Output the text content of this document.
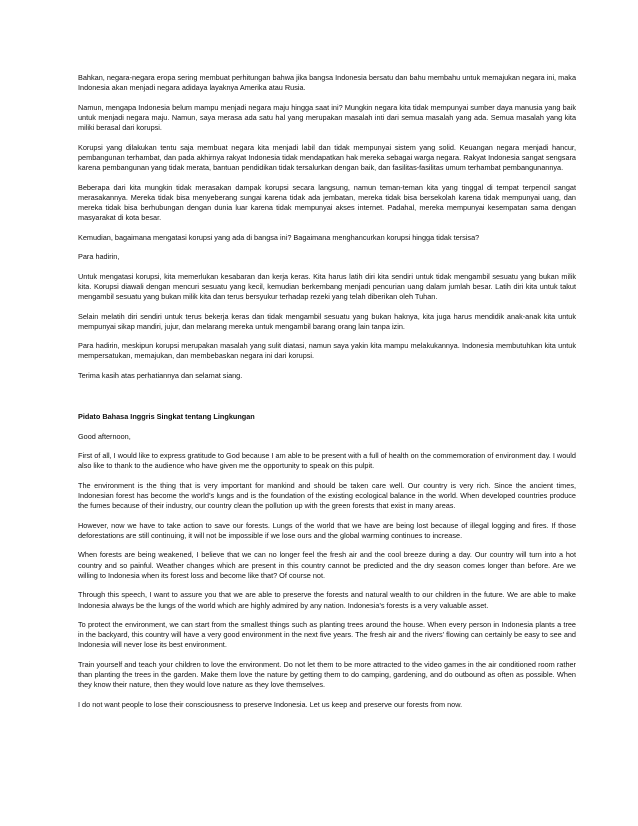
Bahkan, negara-negara eropa sering membuat perhitungan bahwa jika bangsa Indonesia bersatu dan bahu membahu untuk memajukan negara ini, maka Indonesia akan menjadi negara adidaya layaknya Amerika atau Rusia.

Namun, mengapa Indonesia belum mampu menjadi negara maju hingga saat ini? Mungkin negara kita tidak mempunyai sumber daya manusia yang baik untuk menjadi negara maju. Namun, saya merasa ada satu hal yang merupakan masalah inti dari semua masalah yang ada. Semua masalah yang kita miliki berasal dari korupsi.

Korupsi yang dilakukan tentu saja membuat negara kita menjadi labil dan tidak mempunyai sistem yang solid. Keuangan negara menjadi hancur, pembangunan terhambat, dan pada akhirnya rakyat Indonesia tidak mendapatkan hak mereka sebagai warga negara. Rakyat Indonesia sangat sengsara karena pembangunan yang tidak merata, bantuan pendidikan tidak tersalurkan dengan baik, dan fasilitas-fasilitas umum terhambat pembangunannya.

Beberapa dari kita mungkin tidak merasakan dampak korupsi secara langsung, namun teman-teman kita yang tinggal di tempat terpencil sangat merasakannya. Mereka tidak bisa menyeberang sungai karena tidak ada jembatan, mereka tidak bisa bersekolah karena tidak mempunyai uang, dan mereka tidak bisa berhubungan dengan dunia luar karena tidak mempunyai akses internet. Padahal, mereka mempunyai kesempatan sama dengan masyarakat di kota besar.

Kemudian, bagaimana mengatasi korupsi yang ada di bangsa ini? Bagaimana menghancurkan korupsi hingga tidak tersisa?

Para hadirin,

Untuk mengatasi korupsi, kita memerlukan kesabaran dan kerja keras. Kita harus latih diri kita sendiri untuk tidak mengambil sesuatu yang bukan milik kita. Korupsi diawali dengan mencuri sesuatu yang kecil, kemudian berkembang menjadi pencurian uang dalam jumlah besar. Latih diri kita untuk takut mengambil sesuatu yang bukan milik kita dan terus bersyukur terhadap rezeki yang telah diberikan oleh Tuhan.

Selain melatih diri sendiri untuk terus bekerja keras dan tidak mengambil sesuatu yang bukan haknya, kita juga harus mendidik anak-anak kita untuk mempunyai sikap mandiri, jujur, dan melarang mereka untuk mengambil barang orang lain tanpa izin.

Para hadirin, meskipun korupsi merupakan masalah yang sulit diatasi, namun saya yakin kita mampu melakukannya. Indonesia membutuhkan kita untuk mempersatukan, memajukan, dan membebaskan negara ini dari korupsi.

Terima kasih atas perhatiannya dan selamat siang.

Pidato Bahasa Inggris Singkat tentang Lingkungan

Good afternoon,

First of all, I would like to express gratitude to God because I am able to be present with a full of health on the commemoration of environment day. I would also like to thank to the audience who have given me the opportunity to speak on this pulpit.

The environment is the thing that is very important for mankind and should be taken care well. Our country is very rich. Since the ancient times, Indonesian forest has become the world’s lungs and is the foundation of the existing ecological balance in the world. When developed countries produce the fumes because of their industry, our country clean the pollution up with the green forests that exist in many areas.

However, now we have to take action to save our forests. Lungs of the world that we have are being lost because of illegal logging and fires. If those deforestations are still continuing, it will not be impossible if we lose ours and the global warming continues to increase.

When forests are being weakened, I believe that we can no longer feel the fresh air and the cool breeze during a day. Our country will turn into a hot country and so painful. Weather changes which are present in this country cannot be predicted and the dry season comes longer than before. Are we willing to Indonesia when its forest loss and become like that? Of course not.

Through this speech, I want to assure you that we are able to preserve the forests and natural wealth to our children in the future. We are able to make Indonesia always be the lungs of the world which are highly admired by any nation. Indonesia’s forests is a very valuable asset.

To protect the environment, we can start from the smallest things such as planting trees around the house. When every person in Indonesia plants a tree in the backyard, this country will have a very good environment in the next five years. The fresh air and the rivers’ flowing can certainly be easy to see and Indonesia will never lose its best environment.

Train yourself and teach your children to love the environment. Do not let them to be more attracted to the video games in the air conditioned room rather than planting the trees in the garden. Make them love the nature by getting them to do camping, gardening, and do outbound as often as possible. When they know their nature, then they would love nature as they love themselves.

I do not want people to lose their consciousness to preserve Indonesia. Let us keep and preserve our forests from now.
